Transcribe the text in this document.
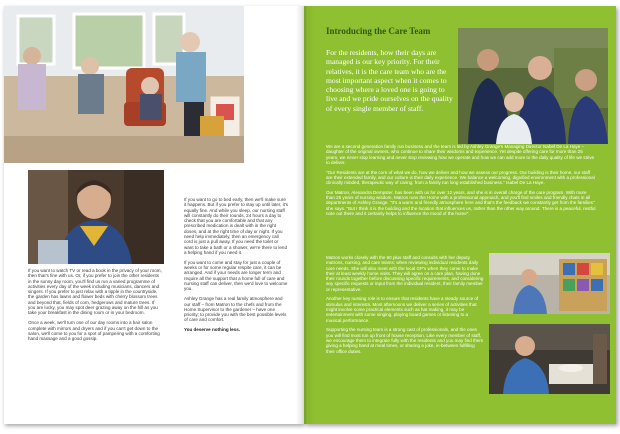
If you want to watch TV or read a book in the privacy of your room, then that's fine with us. Or, if you prefer to join the other residents in the sunny day room, you'll find us run a varied programme of activities every day of the week including musicians, dancers and singers. If you prefer to just relax with a tipple in the countryside, the garden has lawns and flower beds with cherry blossom trees and beyond that, fields of corn, hedgerows and mature trees. If you are lucky, you may spot deer grazing away on the hill as you take your breakfast in the dining room or in your bedroom.

Once a week, we'll turn one of our day rooms into a hair salon complete with mirrors and dryers and if you can't get down to the salon, we'll come to you for a spot of pampering with a comforting hand massage and a good gossip.

If you want to go to bed early, then we'll make sure it happens. But if you prefer to stay up until later, it's equally fine. And while you sleep, our nursing staff will constantly do their rounds, 24 hours a day to check that you are comfortable and that any prescribed medication is dealt with in the right doses, and at the right time of day or night. If you need help immediately, then an emergency call cord is just a pull away. If you need the toilet or want to take a bath or a shower, we're there to lend a helping hand if you need it.

If you want to come and stay for just a couple of weeks or for some regular respite care, it can be arranged. And if your needs are longer term and require all the support that a home full of care and nursing staff can deliver, then we'd love to welcome you.

Ashley Grange has a real family atmosphere and our staff – from Matron to the chefs and from the Home Supervisor to the gardener – have one priority; to provide you with the best possible levels of care and comfort.

You deserve nothing less.

Introducing the Care Team
For the residents, how their days are managed is our key priority. For their relatives, it is the care team who are the most important aspect when it comes to choosing where a loved one is going to live and we pride ourselves on the quality of every single member of staff.

We are a second generation family run business and the team is led by Ashley Grange's Managing Director Isabel De La Haye – daughter of the original owners, who continue to share their wisdoms and experience. Yet despite offering care for more than 25 years, we never stop learning and never stop reviewing how we operate and how we can add more to the daily quality of life we strive to deliver.

"Our Residents are at the core of what we do, how we deliver and how we assess our progress. Our building is their home, our staff are their extended family, and our culture is their daily experience. We balance a welcoming, dignified environment with a professional clinically minded, therapeutic way of caring, from a family run long established business." Isabel De La Haye.

Our Matron, Alexandra Dempster, has been with us for over 12 years, and she is in overall charge of the care program. With more than 25 years of nursing wisdom, Matron runs the Home with a professional approach, and you'll find smiles and friendly chats in all departments of Ashley Grange. "It's a warm and friendly atmosphere here and that's the feedback we constantly get from the families" she says. "But I think it is the building and the location that influences us, rather than the other way around. There is a peaceful, restful note out there and it certainly helps to influence the mood of the home".

Matron works closely with the 60 plus staff and consults with her deputy matrons, nursing, and care teams; when reviewing individual residents daily care needs. She will also meet with the local GP's when they come to make their at least weekly home visits. They will agree on a care plan, having done their rounds together before discussing specific requirements, and considering any specific requests or input from the individual resident, their family member or representative.

Another key nursing role is to ensure that residents have a steady source of stimulus and interests. Most afternoons we deliver a series of activities that might involve some practical elements such as hat making, it may be entertainment with some singing, playing board games or listening to a musical performance.

Supporting the nursing team is a strong cast of professionals, and the ones you will find most run up front of house reception. Like every member of staff, we encourage them to integrate fully with the residents and you may find them giving a helping hand at meal times, or sharing a joke, in-between fulfilling their office duties.
